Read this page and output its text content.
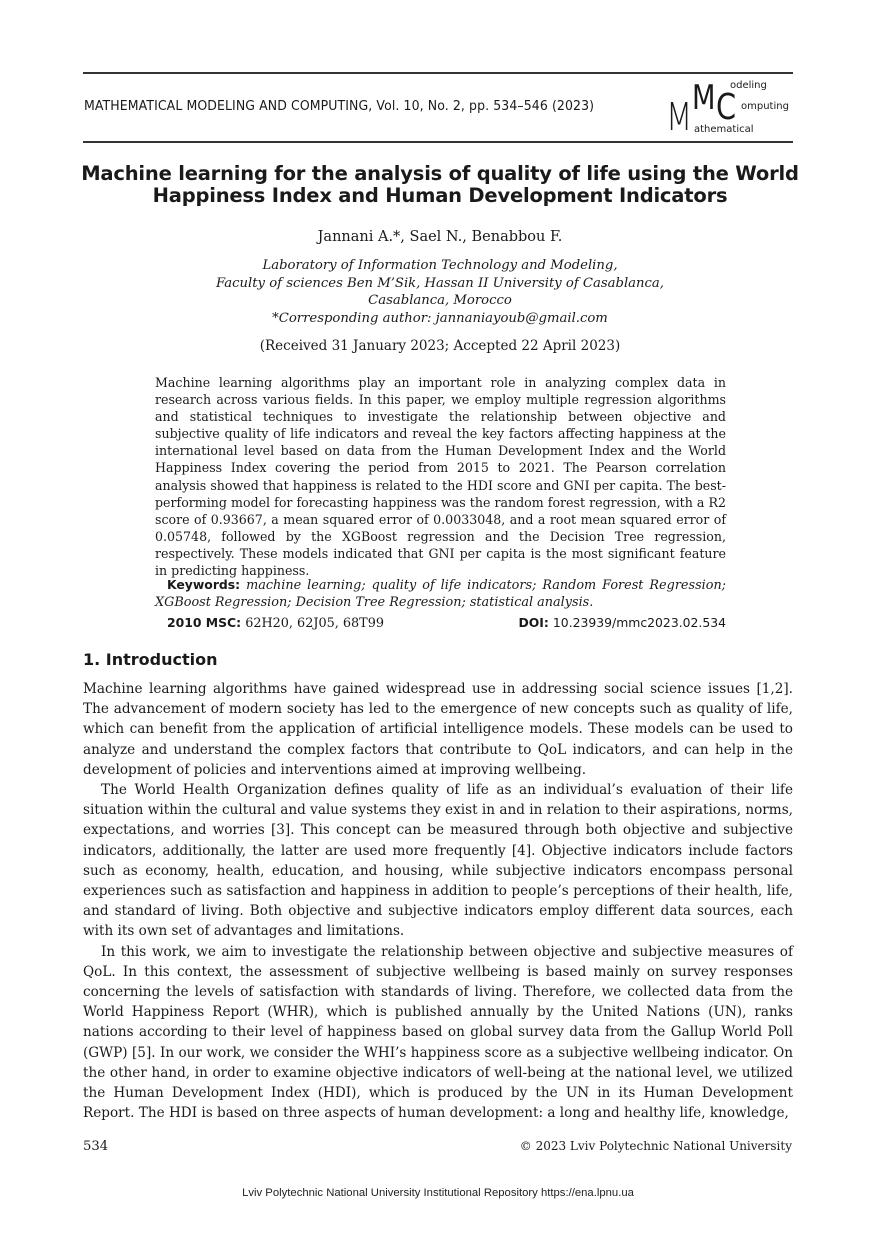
MATHEMATICAL MODELING AND COMPUTING, Vol. 10, No. 2, pp. 534–546 (2023) M M C
odeling
omputing
athematical
Machine learning for the analysis of quality of life using the World Happiness Index and Human Development Indicators
Jannani A.*, Sael N., Benabbou F.
Laboratory of Information Technology and Modeling,
Faculty of sciences Ben M’Sik, Hassan II University of Casablanca,
Casablanca, Morocco
*Corresponding author: jannaniayoub@gmail.com
(Received 31 January 2023; Accepted 22 April 2023)
Machine learning algorithms play an important role in analyzing complex data in research across various fields. In this paper, we employ multiple regression algorithms and statistical techniques to investigate the relationship between objective and subjective quality of life indicators and reveal the key factors affecting happiness at the international level based on data from the Human Development Index and the World Happiness Index covering the period from 2015 to 2021. The Pearson correlation analysis showed that happiness is related to the HDI score and GNI per capita. The best-performing model for forecasting happiness was the random forest regression, with a R2 score of 0.93667, a mean squared error of 0.0033048, and a root mean squared error of 0.05748, followed by the XGBoost regression and the Decision Tree regression, respectively. These models indicated that GNI per capita is the most significant feature in predicting happiness.
Keywords: machine learning; quality of life indicators; Random Forest Regression; XGBoost Regression; Decision Tree Regression; statistical analysis.
2010 MSC: 62H20, 62J05, 68T99	DOI: 10.23939/mmc2023.02.534
1. Introduction

Machine learning algorithms have gained widespread use in addressing social science issues [1,2]. The advancement of modern society has led to the emergence of new concepts such as quality of life, which can benefit from the application of artificial intelligence models. These models can be used to analyze and understand the complex factors that contribute to QoL indicators, and can help in the development of policies and interventions aimed at improving wellbeing.

The World Health Organization defines quality of life as an individual’s evaluation of their life situation within the cultural and value systems they exist in and in relation to their aspirations, norms, expectations, and worries [3]. This concept can be measured through both objective and subjective indicators, additionally, the latter are used more frequently [4]. Objective indicators include factors such as economy, health, education, and housing, while subjective indicators encompass personal experiences such as satisfaction and happiness in addition to people’s perceptions of their health, life, and standard of living. Both objective and subjective indicators employ different data sources, each with its own set of advantages and limitations.

In this work, we aim to investigate the relationship between objective and subjective measures of QoL. In this context, the assessment of subjective wellbeing is based mainly on survey responses concerning the levels of satisfaction with standards of living. Therefore, we collected data from the World Happiness Report (WHR), which is published annually by the United Nations (UN), ranks nations according to their level of happiness based on global survey data from the Gallup World Poll (GWP) [5]. In our work, we consider the WHI’s happiness score as a subjective wellbeing indicator. On the other hand, in order to examine objective indicators of well-being at the national level, we utilized the Human Development Index (HDI), which is produced by the UN in its Human Development Report. The HDI is based on three aspects of human development: a long and healthy life, knowledge,

534	© 2023 Lviv Polytechnic National University
Lviv Polytechnic National University Institutional Repository https://ena.lpnu.ua
